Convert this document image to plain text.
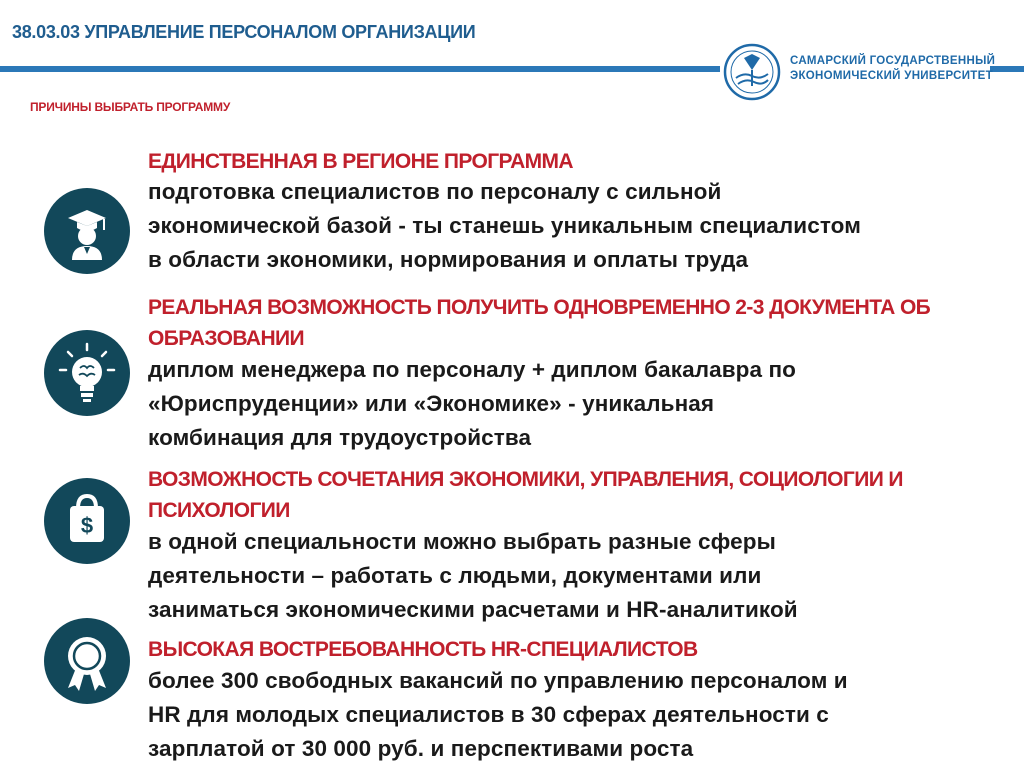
38.03.03 УПРАВЛЕНИЕ ПЕРСОНАЛОМ ОРГАНИЗАЦИИ
САМАРСКИЙ ГОСУДАРСТВЕННЫЙ
ЭКОНОМИЧЕСКИЙ УНИВЕРСИТЕТ
ПРИЧИНЫ ВЫБРАТЬ ПРОГРАММУ
ЕДИНСТВЕННАЯ В РЕГИОНЕ ПРОГРАММА
подготовка специалистов по персоналу с сильной
экономической базой - ты станешь уникальным специалистом
в области экономики, нормирования и оплаты труда
РЕАЛЬНАЯ ВОЗМОЖНОСТЬ ПОЛУЧИТЬ ОДНОВРЕМЕННО 2-3 ДОКУМЕНТА ОБ
ОБРАЗОВАНИИ
диплом менеджера по персоналу + диплом бакалавра по
«Юриспруденции» или «Экономике» - уникальная
комбинация для трудоустройства
$
ВОЗМОЖНОСТЬ СОЧЕТАНИЯ ЭКОНОМИКИ, УПРАВЛЕНИЯ, СОЦИОЛОГИИ И
ПСИХОЛОГИИ
в одной специальности можно выбрать разные сферы
деятельности – работать с людьми, документами или
заниматься экономическими расчетами и HR-аналитикой
ВЫСОКАЯ ВОСТРЕБОВАННОСТЬ HR-СПЕЦИАЛИСТОВ
более 300 свободных вакансий по управлению персоналом и
HR для молодых специалистов в 30 сферах деятельности с
зарплатой от 30 000 руб. и перспективами роста
